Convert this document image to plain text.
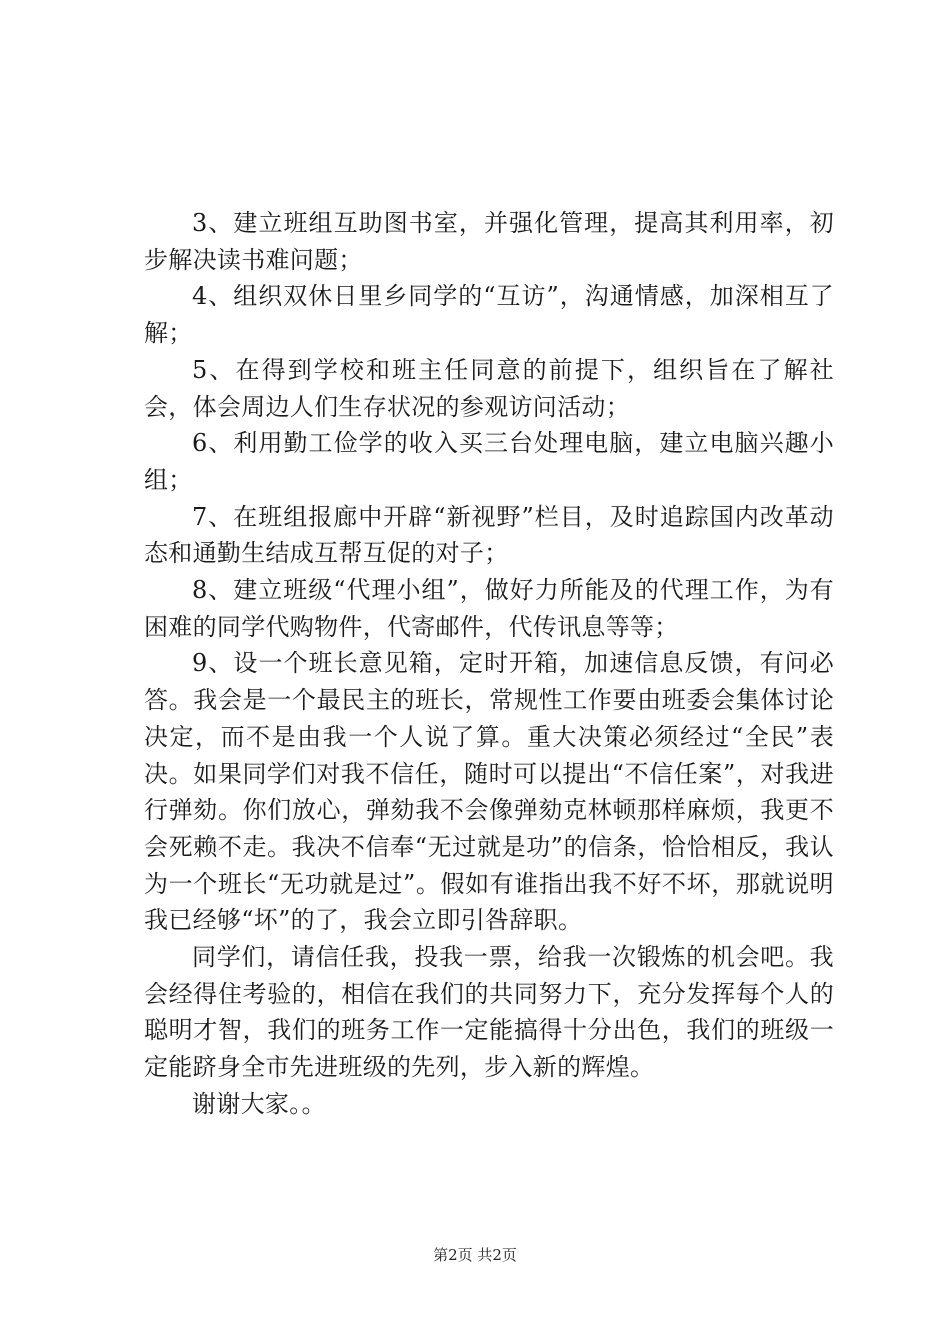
3、建立班组互助图书室，并强化管理，提高其利用率，初步解决读书难问题；

4、组织双休日里乡同学的“互访”，沟通情感，加深相互了解；

5、在得到学校和班主任同意的前提下，组织旨在了解社会，体会周边人们生存状况的参观访问活动；

6、利用勤工俭学的收入买三台处理电脑，建立电脑兴趣小组；

7、在班组报廊中开辟“新视野”栏目，及时追踪国内改革动态和通勤生结成互帮互促的对子；

8、建立班级“代理小组”，做好力所能及的代理工作，为有困难的同学代购物件，代寄邮件，代传讯息等等；

9、设一个班长意见箱，定时开箱，加速信息反馈，有问必答。我会是一个最民主的班长，常规性工作要由班委会集体讨论决定，而不是由我一个人说了算。重大决策必须经过“全民”表决。如果同学们对我不信任，随时可以提出“不信任案”，对我进行弹劾。你们放心，弹劾我不会像弹劾克林顿那样麻烦，我更不会死赖不走。我决不信奉“无过就是功”的信条，恰恰相反，我认为一个班长“无功就是过”。假如有谁指出我不好不坏，那就说明我已经够“坏”的了，我会立即引咎辞职。

同学们，请信任我，投我一票，给我一次锻炼的机会吧。我会经得住考验的，相信在我们的共同努力下，充分发挥每个人的聪明才智，我们的班务工作一定能搞得十分出色，我们的班级一定能跻身全市先进班级的先列，步入新的辉煌。

谢谢大家。。

第2页 共2页
